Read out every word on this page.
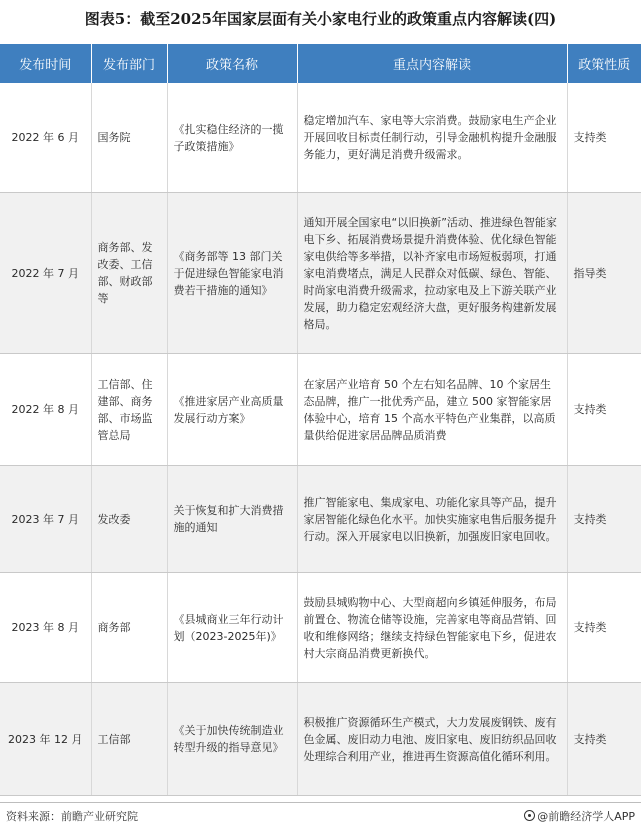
图表5：截至2025年国家层面有关小家电行业的政策重点内容解读(四)
发布时间	发布部门	政策名称	重点内容解读	政策性质
2022 年 6 月	国务院	《扎实稳住经济的一揽子政策措施》	稳定增加汽车、家电等大宗消费。鼓励家电生产企业开展回收目标责任制行动，引导金融机构提升金融服务能力，更好满足消费升级需求。	支持类
2022 年 7 月	商务部、发改委、工信部、财政部等	《商务部等 13 部门关于促进绿色智能家电消费若干措施的通知》	通知开展全国家电“以旧换新”活动、推进绿色智能家电下乡、拓展消费场景提升消费体验、优化绿色智能家电供给等多举措，以补齐家电市场短板弱项，打通家电消费堵点，满足人民群众对低碳、绿色、智能、时尚家电消费升级需求，拉动家电及上下游关联产业发展，助力稳定宏观经济大盘，更好服务构建新发展格局。	指导类
2022 年 8 月	工信部、住建部、商务部、市场监管总局	《推进家居产业高质量发展行动方案》	在家居产业培育 50 个左右知名品牌、10 个家居生态品牌，推广一批优秀产品，建立 500 家智能家居体验中心，培育 15 个高水平特色产业集群，以高质量供给促进家居品牌品质消费	支持类
2023 年 7 月	发改委	关于恢复和扩大消费措施的通知	推广智能家电、集成家电、功能化家具等产品，提升家居智能化绿色化水平。加快实施家电售后服务提升行动。深入开展家电以旧换新，加强废旧家电回收。	支持类
2023 年 8 月	商务部	《县城商业三年行动计划（2023-2025年)》	鼓励县城购物中心、大型商超向乡镇延伸服务，布局前置仓、物流仓储等设施，完善家电等商品营销、回收和维修网络；继续支持绿色智能家电下乡，促进农村大宗商品消费更新换代。	支持类
2023 年 12 月	工信部	《关于加快传统制造业转型升级的指导意见》	积极推广资源循环生产模式，大力发展废钢铁、废有色金属、废旧动力电池、废旧家电、废旧纺织品回收处理综合利用产业，推进再生资源高值化循环利用。	支持类
资料来源：前瞻产业研究院	@前瞻经济学人APP
